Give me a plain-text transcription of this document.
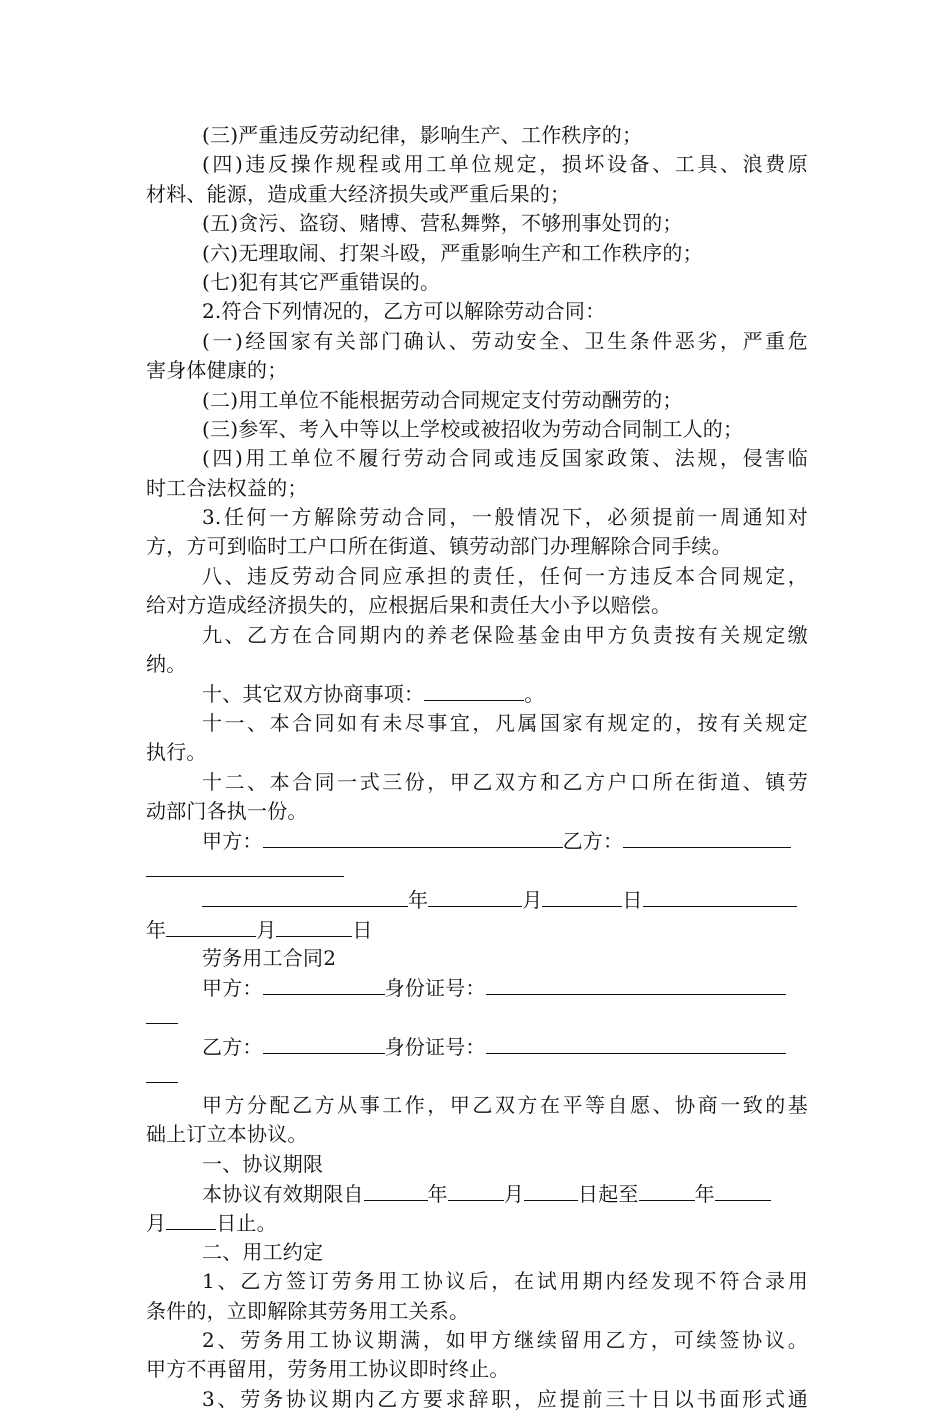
(三)严重违反劳动纪律，影响生产、工作秩序的；
(四)违反操作规程或用工单位规定，损坏设备、工具、浪费原
材料、能源，造成重大经济损失或严重后果的；
(五)贪污、盗窃、赌博、营私舞弊，不够刑事处罚的；
(六)无理取闹、打架斗殴，严重影响生产和工作秩序的；
(七)犯有其它严重错误的。
2.符合下列情况的，乙方可以解除劳动合同：
(一)经国家有关部门确认、劳动安全、卫生条件恶劣，严重危
害身体健康的；
(二)用工单位不能根据劳动合同规定支付劳动酬劳的；
(三)参军、考入中等以上学校或被招收为劳动合同制工人的；
(四)用工单位不履行劳动合同或违反国家政策、法规，侵害临
时工合法权益的；
3.任何一方解除劳动合同，一般情况下，必须提前一周通知对
方，方可到临时工户口所在街道、镇劳动部门办理解除合同手续。
八、违反劳动合同应承担的责任，任何一方违反本合同规定，
给对方造成经济损失的，应根据后果和责任大小予以赔偿。
九、乙方在合同期内的养老保险基金由甲方负责按有关规定缴
纳。
十、其它双方协商事项：	。
十一、本合同如有未尽事宜，凡属国家有规定的，按有关规定
执行。
十二、本合同一式三份，甲乙双方和乙方户口所在街道、镇劳
动部门各执一份。
甲方：	乙方：
年	月	日
年	月	日
劳务用工合同2
甲方：	身份证号：
乙方：	身份证号：
甲方分配乙方从事工作，甲乙双方在平等自愿、协商一致的基
础上订立本协议。
一、协议期限
本协议有效期限自	年	月	日起至	年
月	日止。
二、用工约定
1、乙方签订劳务用工协议后，在试用期内经发现不符合录用
条件的，立即解除其劳务用工关系。
2、劳务用工协议期满，如甲方继续留用乙方，可续签协议。
甲方不再留用，劳务用工协议即时终止。
3、劳务协议期内乙方要求辞职，应提前三十日以书面形式通
